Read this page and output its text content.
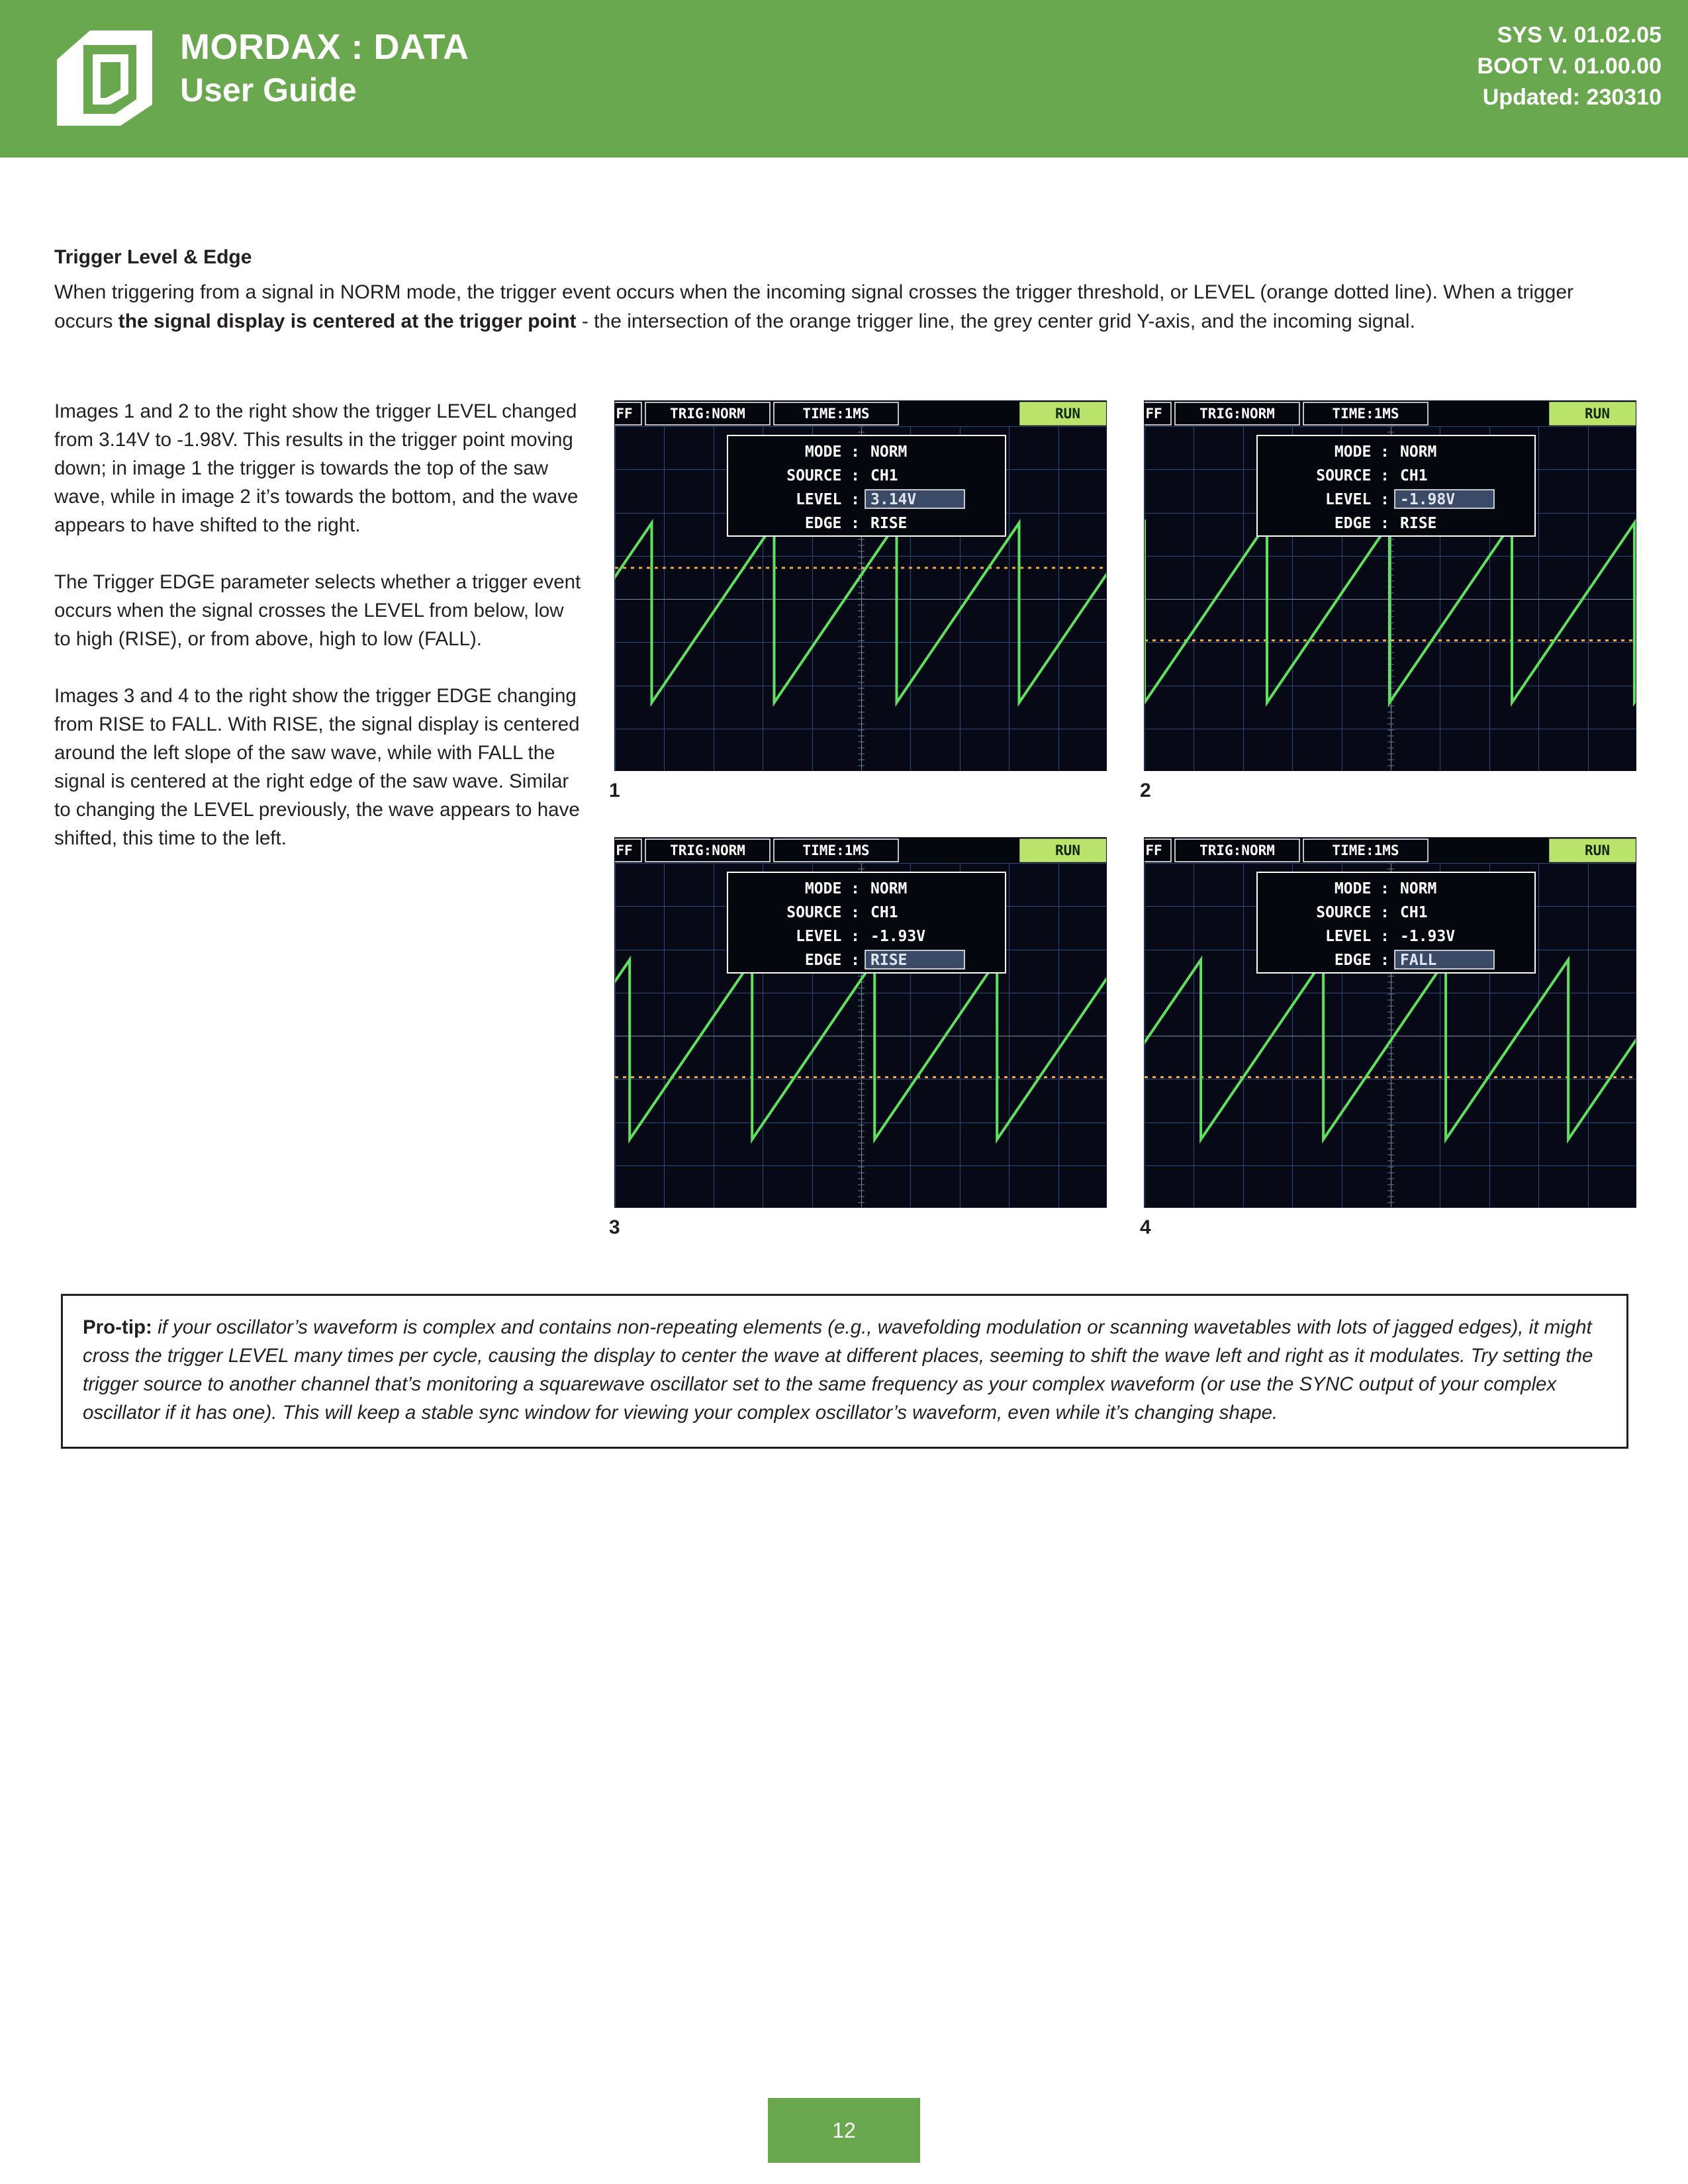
MORDAX : DATA
User Guide
SYS V. 01.02.05
BOOT V. 01.00.00
Updated: 230310
Trigger Level & Edge
When triggering from a signal in NORM mode, the trigger event occurs when the incoming signal crosses the trigger threshold, or LEVEL (orange dotted line). When a trigger occurs the signal display is centered at the trigger point - the intersection of the orange trigger line, the grey center grid Y-axis, and the incoming signal.

Images 1 and 2 to the right show the trigger LEVEL changed from 3.14V to -1.98V. This results in the trigger point moving down; in image 1 the trigger is towards the top of the saw wave, while in image 2 it’s towards the bottom, and the wave appears to have shifted to the right.

The Trigger EDGE parameter selects whether a trigger event occurs when the signal crosses the LEVEL from below, low to high (RISE), or from above, high to low (FALL).

Images 3 and 4 to the right show the trigger EDGE changing from RISE to FALL. With RISE, the signal display is centered around the left slope of the saw wave, while with FALL the signal is centered at the right edge of the saw wave. Similar to changing the LEVEL previously, the wave appears to have shifted, this time to the left.

FF	TRIG:NORM	TIME:1MS	RUN
MODE : NORM
SOURCE : CH1
LEVEL : 3.14V
EDGE : RISE
FF	TRIG:NORM	TIME:1MS	RUN
MODE : NORM
SOURCE : CH1
LEVEL : -1.98V
EDGE : RISE
FF	TRIG:NORM	TIME:1MS	RUN
MODE : NORM
SOURCE : CH1
LEVEL : -1.93V
EDGE : RISE
FF	TRIG:NORM	TIME:1MS	RUN
MODE : NORM
SOURCE : CH1
LEVEL : -1.93V
EDGE : FALL
1	2
3	4
Pro-tip: if your oscillator’s waveform is complex and contains non-repeating elements (e.g., wavefolding modulation or scanning wavetables with lots of jagged edges), it might cross the trigger LEVEL many times per cycle, causing the display to center the wave at different places, seeming to shift the wave left and right as it modulates. Try setting the trigger source to another channel that’s monitoring a squarewave oscillator set to the same frequency as your complex waveform (or use the SYNC output of your complex oscillator if it has one). This will keep a stable sync window for viewing your complex oscillator’s waveform, even while it’s changing shape.
12
